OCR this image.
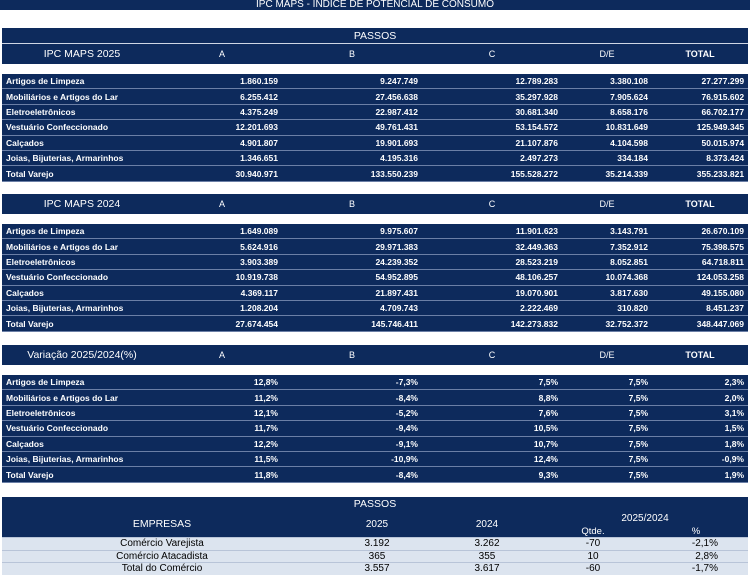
IPC MAPS - ÍNDICE DE POTENCIAL DE CONSUMO
PASSOS					
IPC MAPS 2025	A	B	C	D/E	TOTAL

Artigos de Limpeza	1.860.159	9.247.749	12.789.283	3.380.108	27.277.299
Mobiliários e Artigos do Lar	6.255.412	27.456.638	35.297.928	7.905.624	76.915.602
Eletroeletrônicos	4.375.249	22.987.412	30.681.340	8.658.176	66.702.177
Vestuário Confeccionado	12.201.693	49.761.431	53.154.572	10.831.649	125.949.345
Calçados	4.901.807	19.901.693	21.107.876	4.104.598	50.015.974
Joias, Bijuterias, Armarinhos	1.346.651	4.195.316	2.497.273	334.184	8.373.424
Total Varejo	30.940.971	133.550.239	155.528.272	35.214.339	355.233.821
IPC MAPS 2024	A	B	C	D/E	TOTAL

Artigos de Limpeza	1.649.089	9.975.607	11.901.623	3.143.791	26.670.109
Mobiliários e Artigos do Lar	5.624.916	29.971.383	32.449.363	7.352.912	75.398.575
Eletroeletrônicos	3.903.389	24.239.352	28.523.219	8.052.851	64.718.811
Vestuário Confeccionado	10.919.738	54.952.895	48.106.257	10.074.368	124.053.258
Calçados	4.369.117	21.897.431	19.070.901	3.817.630	49.155.080
Joias, Bijuterias, Armarinhos	1.208.204	4.709.743	2.222.469	310.820	8.451.237
Total Varejo	27.674.454	145.746.411	142.273.832	32.752.372	348.447.069
Variação 2025/2024(%)	A	B	C	D/E	TOTAL

Artigos de Limpeza	12,8%	-7,3%	7,5%	7,5%	2,3%
Mobiliários e Artigos do Lar	11,2%	-8,4%	8,8%	7,5%	2,0%
Eletroeletrônicos	12,1%	-5,2%	7,6%	7,5%	3,1%
Vestuário Confeccionado	11,7%	-9,4%	10,5%	7,5%	1,5%
Calçados	12,2%	-9,1%	10,7%	7,5%	1,8%
Joias, Bijuterias, Armarinhos	11,5%	-10,9%	12,4%	7,5%	-0,9%
Total Varejo	11,8%	-8,4%	9,3%	7,5%	1,9%
PASSOS				
EMPRESAS	2025	2024	2025/2024	
			Qtde.	%
Comércio Varejista	3.192	3.262	-70	-2,1%
Comércio Atacadista	365	355	10	2,8%
Total do Comércio	3.557	3.617	-60	-1,7%
